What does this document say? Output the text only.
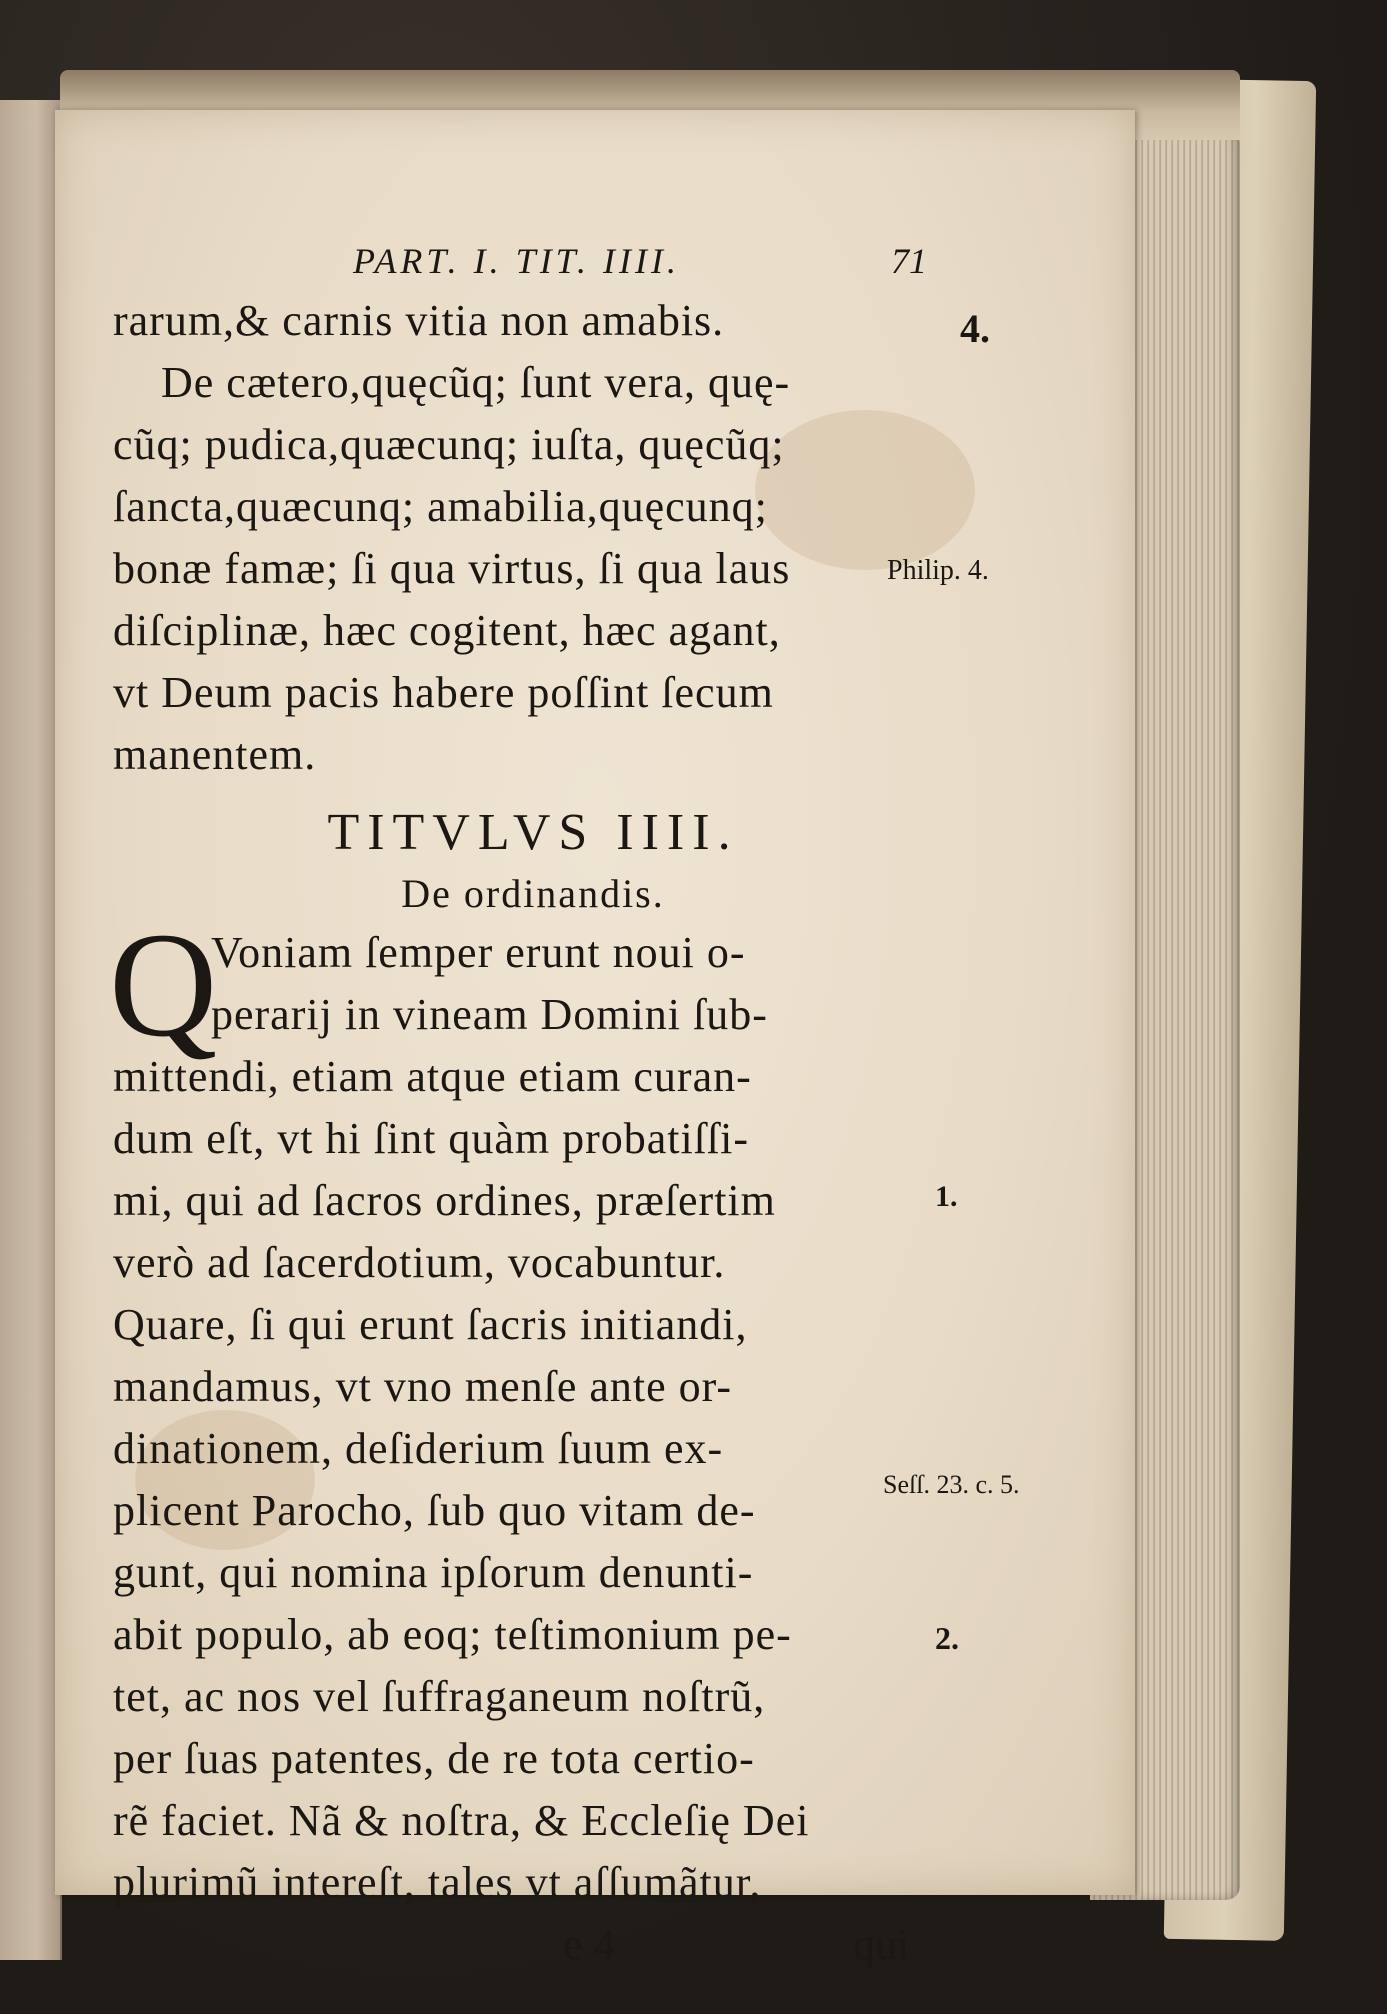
PART. I. TIT. IIII.	71
rarum,& carnis vitia non amabis.
De cætero,quęcũq; ſunt vera, quę-
cũq; pudica,quæcunq; iuſta, quęcũq;
ſancta,quæcunq; amabilia,quęcunq;
bonæ famæ; ſi qua virtus, ſi qua laus
diſciplinæ, hæc cogitent, hæc agant,
vt Deum pacis habere poſſint ſecum
manentem.
TITVLVS IIII.
De ordinandis.
Q
Voniam ſemper erunt noui o-
perarij in vineam Domini ſub-
mittendi, etiam atque etiam curan-
dum eſt, vt hi ſint quàm probatiſſi-
mi, qui ad ſacros ordines, præſertim
verò ad ſacerdotium, vocabuntur.
Quare, ſi qui erunt ſacris initiandi,
mandamus, vt vno menſe ante or-
dinationem, deſiderium ſuum ex-
plicent Parocho, ſub quo vitam de-
gunt, qui nomina ipſorum denunti-
abit populo, ab eoq; teſtimonium pe-
tet, ac nos vel ſuffraganeum noſtrũ,
per ſuas patentes, de re tota certio-
rẽ faciet. Nã & noſtra, & Eccleſię Dei
plurimũ intereſt, tales vt aſſumãtur,
e 4	qui
4.
Philip. 4.
1.
Seſſ. 23. c. 5.
2.
